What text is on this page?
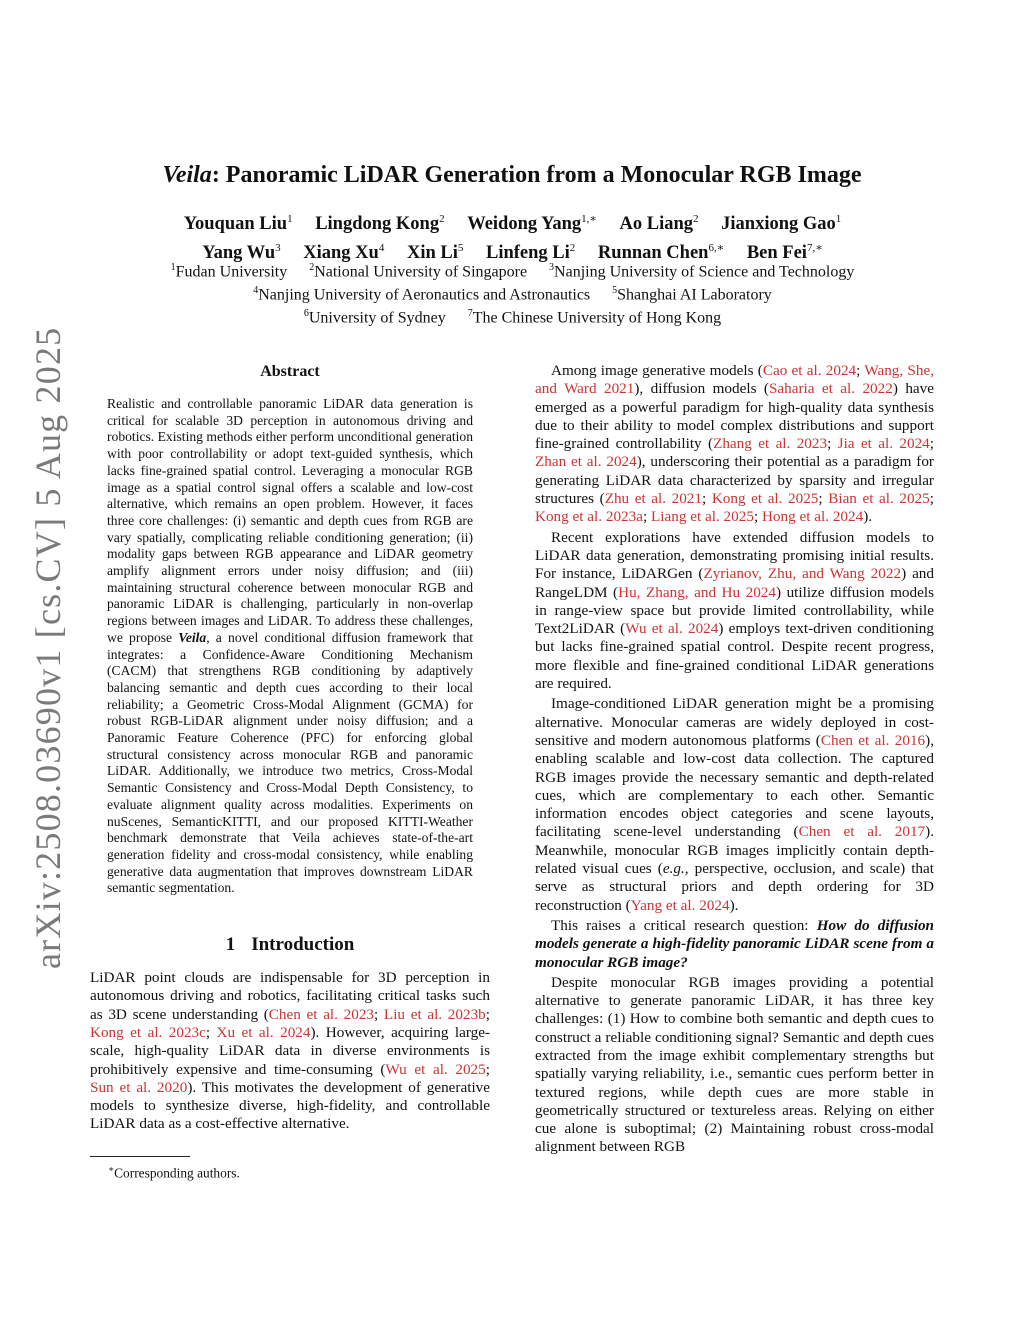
arXiv:2508.03690v1 [cs.CV] 5 Aug 2025
Veila: Panoramic LiDAR Generation from a Monocular RGB Image
Youquan Liu$^1$ Lingdong Kong$^2$ Weidong Yang$^{1,∗}$ Ao Liang$^2$ Jianxiong Gao$^1$
Yang Wu$^3$ Xiang Xu$^4$ Xin Li$^5$ Linfeng Li$^2$ Runnan Chen$^{6,∗}$ Ben Fei$^{7,∗}$
$^1$Fudan University $^2$National University of Singapore $^3$Nanjing University of Science and Technology
$^4$Nanjing University of Aeronautics and Astronautics $^5$Shanghai AI Laboratory
$^6$University of Sydney $^7$The Chinese University of Hong Kong
Abstract

Realistic and controllable panoramic LiDAR data generation is critical for scalable 3D perception in autonomous driving and robotics. Existing methods either perform unconditional generation with poor controllability or adopt text-guided synthesis, which lacks fine-grained spatial control. Leveraging a monocular RGB image as a spatial control signal offers a scalable and low-cost alternative, which remains an open problem. However, it faces three core challenges: (i) semantic and depth cues from RGB are vary spatially, complicating reliable conditioning generation; (ii) modality gaps between RGB appearance and LiDAR geometry amplify alignment errors under noisy diffusion; and (iii) maintaining structural coherence between monocular RGB and panoramic LiDAR is challenging, particularly in non-overlap regions between images and LiDAR. To address these challenges, we propose Veila, a novel conditional diffusion framework that integrates: a Confidence-Aware Conditioning Mechanism (CACM) that strengthens RGB conditioning by adaptively balancing semantic and depth cues according to their local reliability; a Geometric Cross-Modal Alignment (GCMA) for robust RGB-LiDAR alignment under noisy diffusion; and a Panoramic Feature Coherence (PFC) for enforcing global structural consistency across monocular RGB and panoramic LiDAR. Additionally, we introduce two metrics, Cross-Modal Semantic Consistency and Cross-Modal Depth Consistency, to evaluate alignment quality across modalities. Experiments on nuScenes, SemanticKITTI, and our proposed KITTI-Weather benchmark demonstrate that Veila achieves state-of-the-art generation fidelity and cross-modal consistency, while enabling generative data augmentation that improves downstream LiDAR semantic segmentation.

1 Introduction

LiDAR point clouds are indispensable for 3D perception in autonomous driving and robotics, facilitating critical tasks such as 3D scene understanding (Chen et al. 2023; Liu et al. 2023b; Kong et al. 2023c; Xu et al. 2024). However, acquiring large-scale, high-quality LiDAR data in diverse environments is prohibitively expensive and time-consuming (Wu et al. 2025; Sun et al. 2020). This motivates the development of generative models to synthesize diverse, high-fidelity, and controllable LiDAR data as a cost-effective alternative.

∗Corresponding authors.

Among image generative models (Cao et al. 2024; Wang, She, and Ward 2021), diffusion models (Saharia et al. 2022) have emerged as a powerful paradigm for high-quality data synthesis due to their ability to model complex distributions and support fine-grained controllability (Zhang et al. 2023; Jia et al. 2024; Zhan et al. 2024), underscoring their potential as a paradigm for generating LiDAR data characterized by sparsity and irregular structures (Zhu et al. 2021; Kong et al. 2025; Bian et al. 2025; Kong et al. 2023a; Liang et al. 2025; Hong et al. 2024).

Recent explorations have extended diffusion models to LiDAR data generation, demonstrating promising initial results. For instance, LiDARGen (Zyrianov, Zhu, and Wang 2022) and RangeLDM (Hu, Zhang, and Hu 2024) utilize diffusion models in range-view space but provide limited controllability, while Text2LiDAR (Wu et al. 2024) employs text-driven conditioning but lacks fine-grained spatial control. Despite recent progress, more flexible and fine-grained conditional LiDAR generations are required.

Image-conditioned LiDAR generation might be a promising alternative. Monocular cameras are widely deployed in cost-sensitive and modern autonomous platforms (Chen et al. 2016), enabling scalable and low-cost data collection. The captured RGB images provide the necessary semantic and depth-related cues, which are complementary to each other. Semantic information encodes object categories and scene layouts, facilitating scene-level understanding (Chen et al. 2017). Meanwhile, monocular RGB images implicitly contain depth-related visual cues (e.g., perspective, occlusion, and scale) that serve as structural priors and depth ordering for 3D reconstruction (Yang et al. 2024).

This raises a critical research question: How do diffusion models generate a high-fidelity panoramic LiDAR scene from a monocular RGB image?

Despite monocular RGB images providing a potential alternative to generate panoramic LiDAR, it has three key challenges: (1) How to combine both semantic and depth cues to construct a reliable conditioning signal? Semantic and depth cues extracted from the image exhibit complementary strengths but spatially varying reliability, i.e., semantic cues perform better in textured regions, while depth cues are more stable in geometrically structured or textureless areas. Relying on either cue alone is suboptimal; (2) Maintaining robust cross-modal alignment between RGB
